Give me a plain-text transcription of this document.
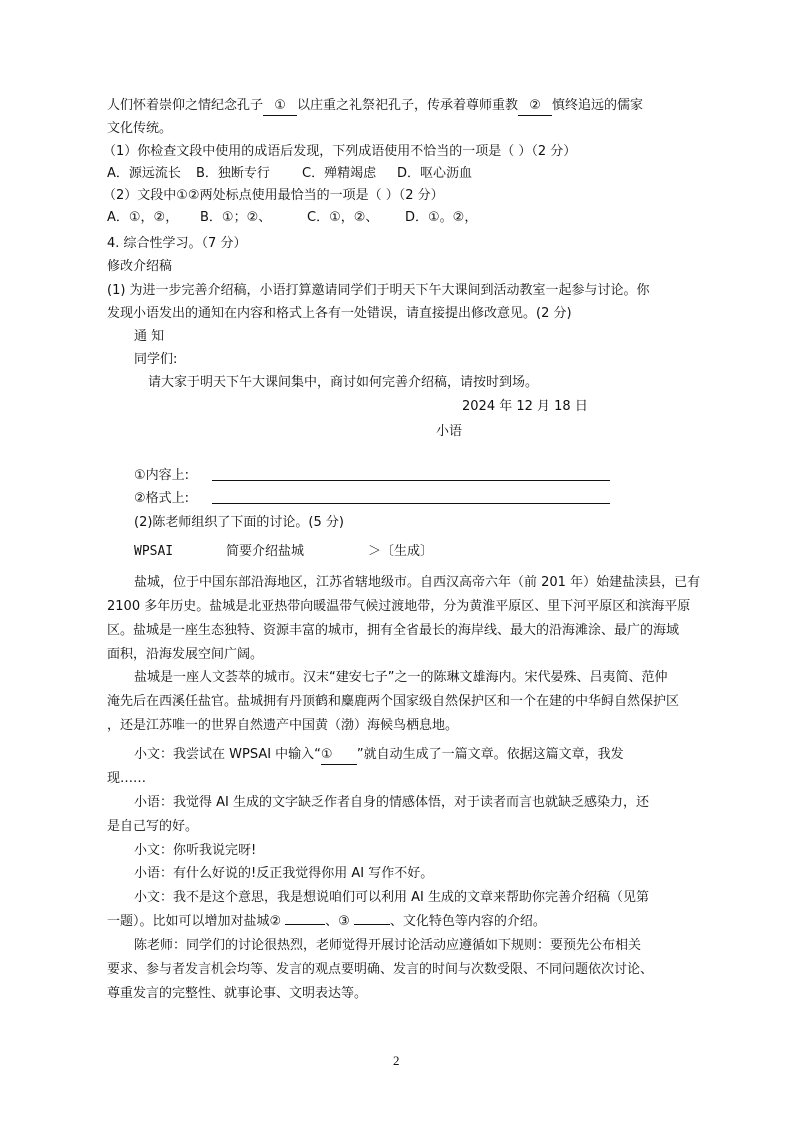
人们怀着崇仰之情纪念孔子 ① 以庄重之礼祭祀孔子，传承着尊师重教 ② 慎终追远的儒家
文化传统。
（1）你检查文段中使用的成语后发现，下列成语使用不恰当的一项是（ ）（2 分）
A．源远流长 B．独断专行 C．殚精竭虑 D．呕心沥血
（2）文段中①②两处标点使用最恰当的一项是（ ）（2 分）
A．①，②， B．①；②、	C．①，②、 D．①。②，
4. 综合性学习。（7 分）
修改介绍稿
(1) 为进一步完善介绍稿，小语打算邀请同学们于明天下午大课间到活动教室一起参与讨论。你
发现小语发出的通知在内容和格式上各有一处错误，请直接提出修改意见。(2 分)
通 知
同学们:
请大家于明天下午大课间集中，商讨如何完善介绍稿，请按时到场。
2024 年 12 月 18 日
小语
①内容上:
②格式上:
(2)陈老师组织了下面的讨论。(5 分)
WPSAI	简要介绍盐城	＞〔生成〕
盐城，位于中国东部沿海地区，江苏省辖地级市。自西汉高帝六年（前 201 年）始建盐渎县，已有
2100 多年历史。盐城是北亚热带向暖温带气候过渡地带，分为黄淮平原区、里下河平原区和滨海平原
区。盐城是一座生态独特、资源丰富的城市，拥有全省最长的海岸线、最大的沿海滩涂、最广的海域
面积，沿海发展空间广阔。
盐城是一座人文荟萃的城市。汉末“建安七子”之一的陈琳文雄海内。宋代晏殊、吕夷简、范仲
淹先后在西溪任盐官。盐城拥有丹顶鹤和麋鹿两个国家级自然保护区和一个在建的中华鲟自然保护区
，还是江苏唯一的世界自然遗产中国黄（渤）海候鸟栖息地。
小文：我尝试在 WPSAI 中输入“① ”就自动生成了一篇文章。依据这篇文章，我发
现……
小语：我觉得 AI 生成的文字缺乏作者自身的情感体悟，对于读者而言也就缺乏感染力，还
是自己写的好。
小文：你听我说完呀!
小语：有什么好说的!反正我觉得你用 AI 写作不好。
小文：我不是这个意思，我是想说咱们可以利用 AI 生成的文章来帮助你完善介绍稿（见第
一题）。比如可以增加对盐城②	、③	、文化特色等内容的介绍。
陈老师：同学们的讨论很热烈，老师觉得开展讨论活动应遵循如下规则：要预先公布相关
要求、参与者发言机会均等、发言的观点要明确、发言的时间与次数受限、不同问题依次讨论、
尊重发言的完整性、就事论事、文明表达等。
2
